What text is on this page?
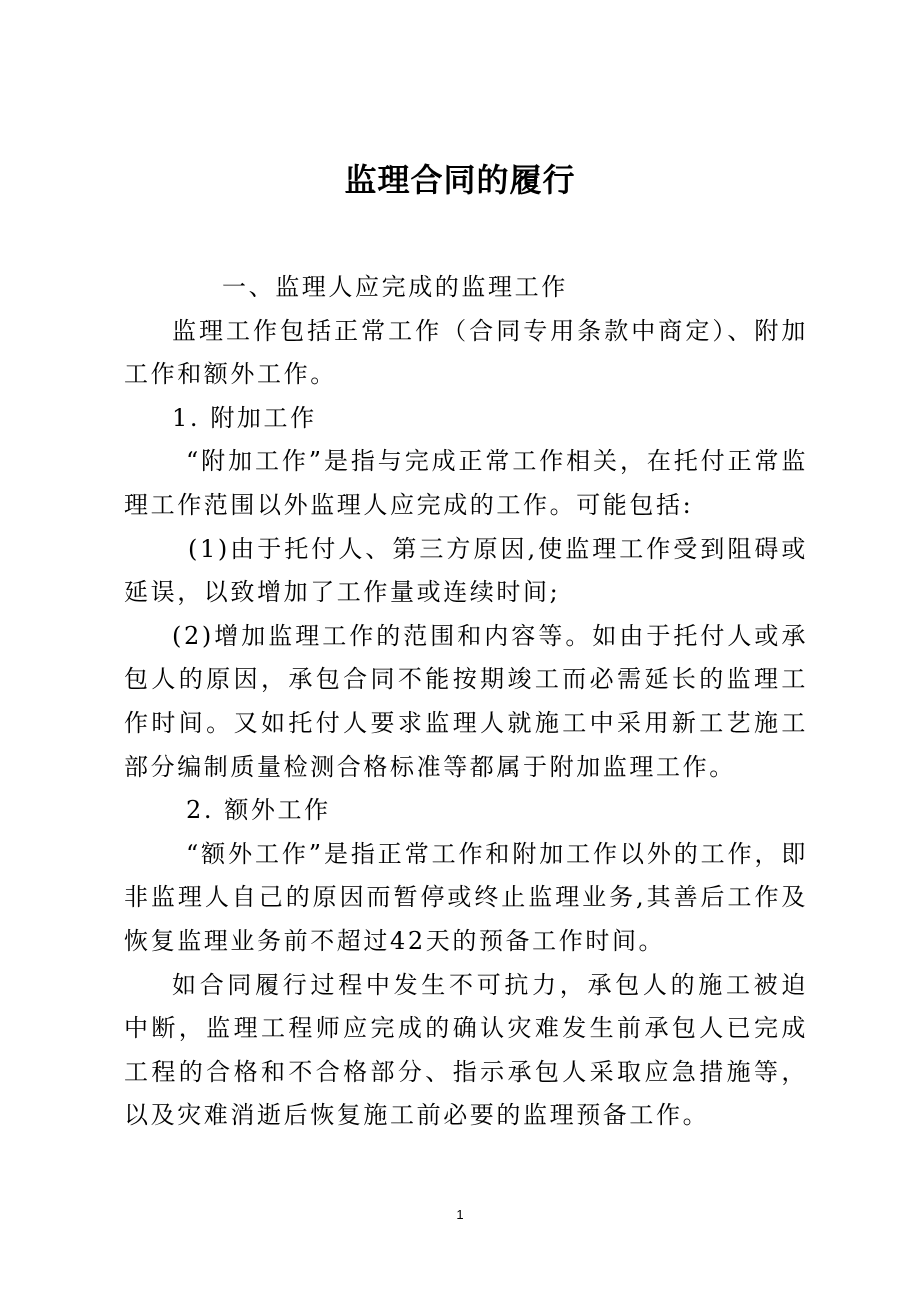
监理合同的履行

一、监理人应完成的监理工作

监理工作包括正常工作（合同专用条款中商定）、附加工作和额外工作。

1. 附加工作

“附加工作”是指与完成正常工作相关，在托付正常监理工作范围以外监理人应完成的工作。可能包括:

(1)由于托付人、第三方原因,使监理工作受到阻碍或延误，以致增加了工作量或连续时间;

(2)增加监理工作的范围和内容等。如由于托付人或承包人的原因，承包合同不能按期竣工而必需延长的监理工作时间。又如托付人要求监理人就施工中采用新工艺施工部分编制质量检测合格标准等都属于附加监理工作。

2. 额外工作

“额外工作”是指正常工作和附加工作以外的工作，即非监理人自己的原因而暂停或终止监理业务,其善后工作及恢复监理业务前不超过42天的预备工作时间。

如合同履行过程中发生不可抗力，承包人的施工被迫中断，监理工程师应完成的确认灾难发生前承包人已完成工程的合格和不合格部分、指示承包人采取应急措施等，以及灾难消逝后恢复施工前必要的监理预备工作。

1
